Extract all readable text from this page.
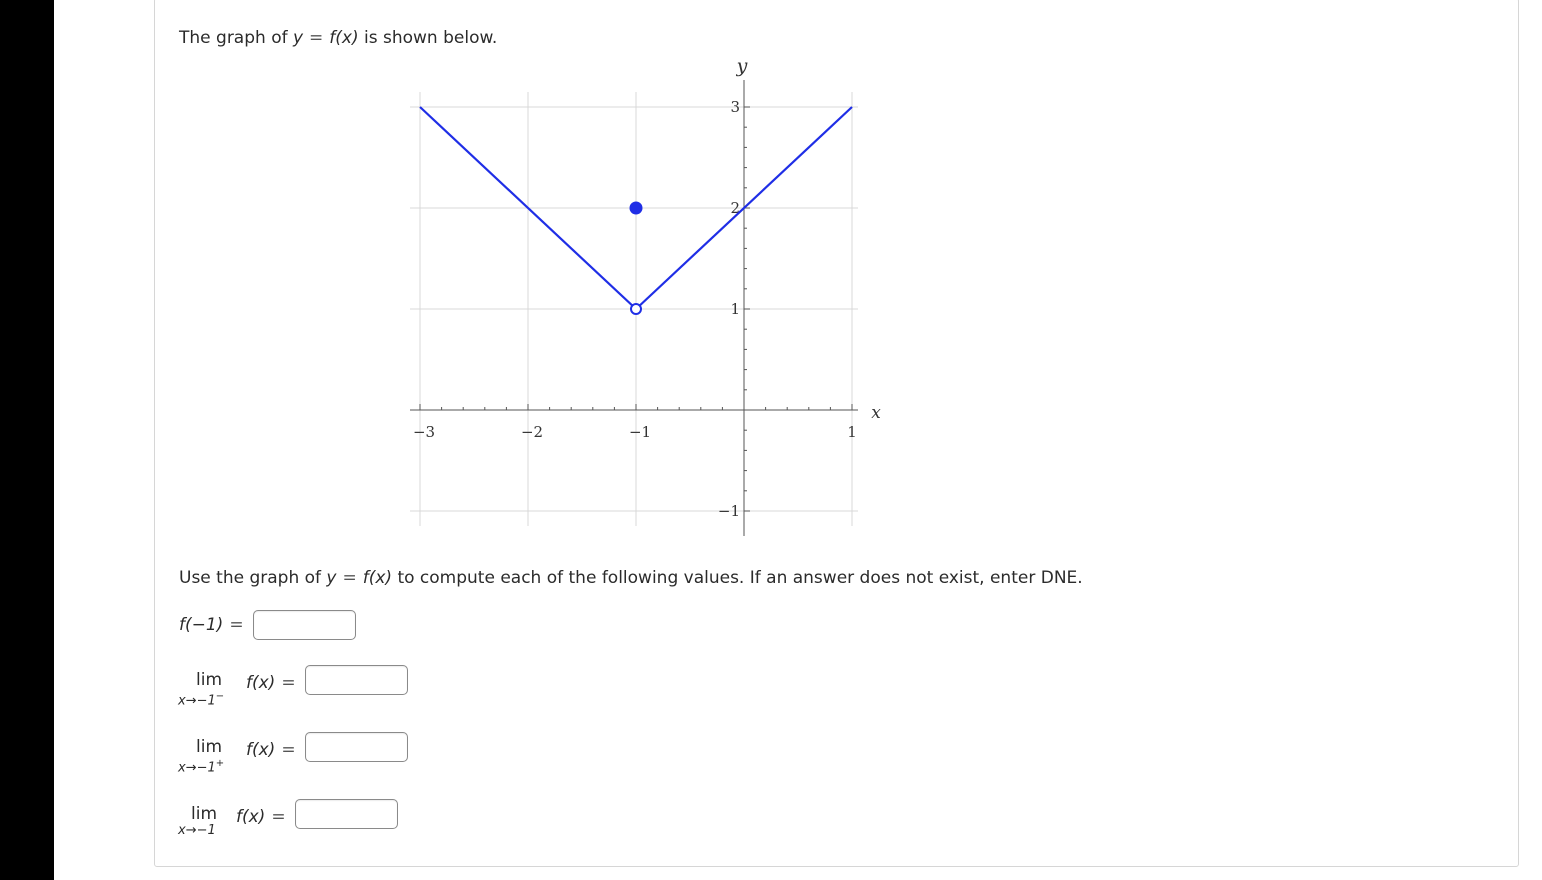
The graph of y = f(x) is shown below.
−3	−2	−1	1
3
2
1
−1
x
y
Use the graph of y = f(x) to compute each of the following values. If an answer does not exist, enter DNE.
f(−1) =
lim
x→−1−
f(x) =
lim
x→−1+
f(x) =
lim
x→−1
f(x) =
